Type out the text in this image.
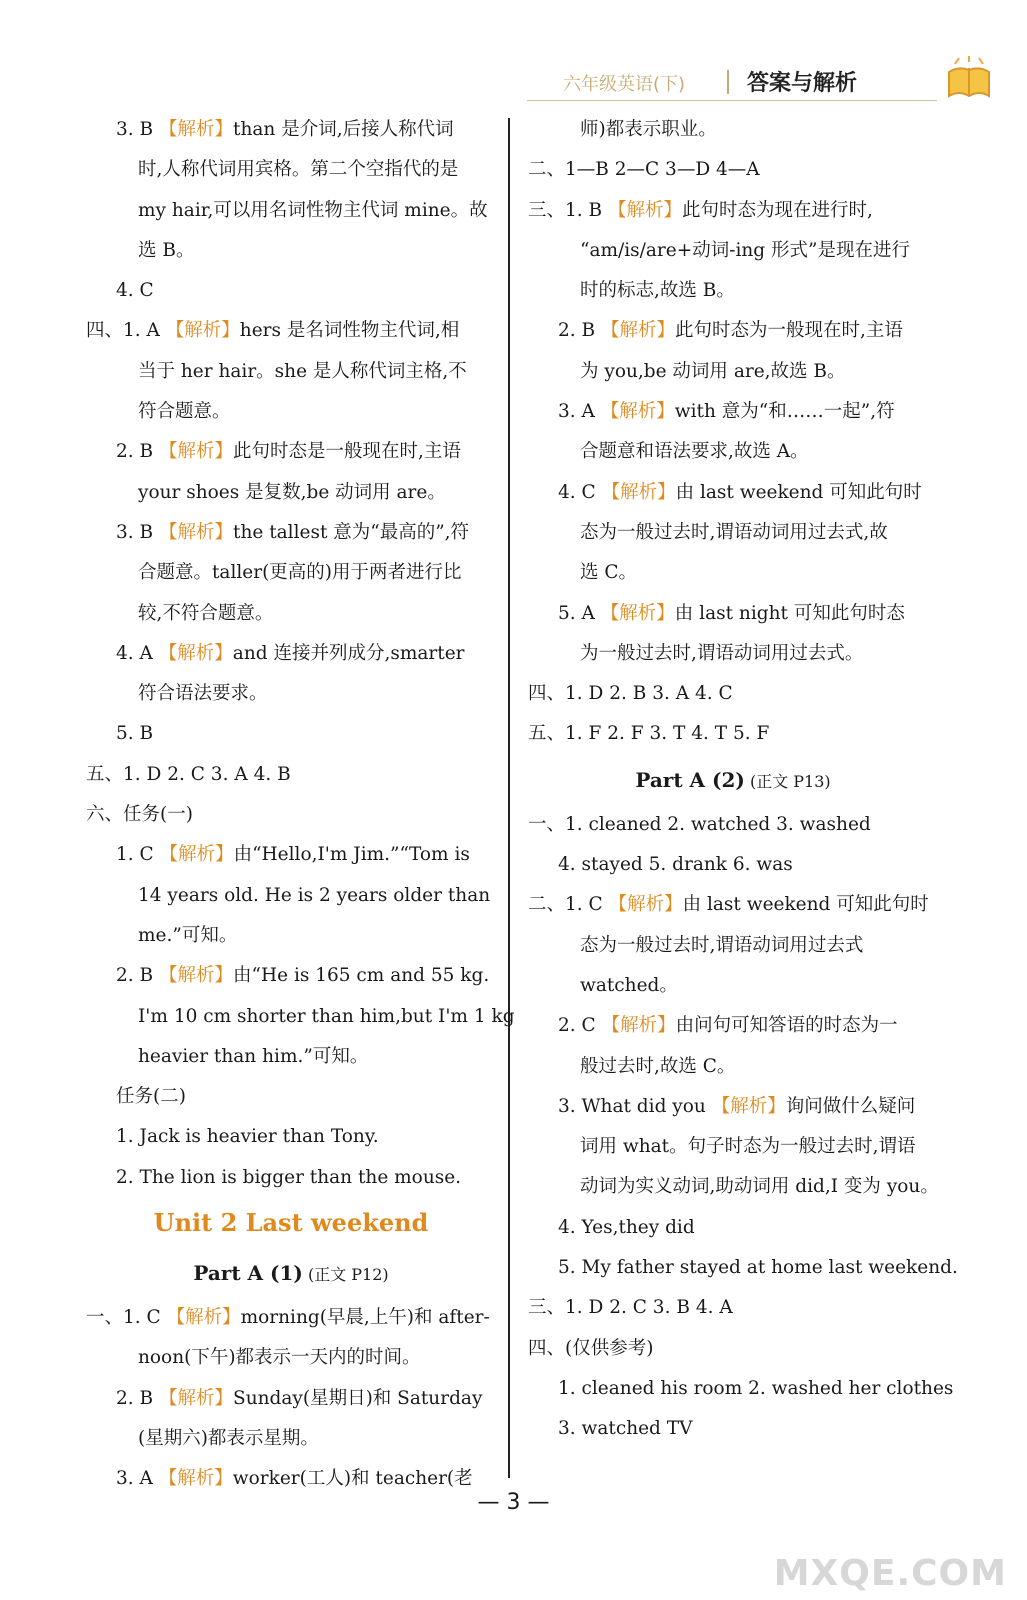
六年级英语(下)	答案与解析
3. B 【解析】than 是介词,后接人称代词
时,人称代词用宾格。第二个空指代的是
my hair,可以用名词性物主代词 mine。故
选 B。
4. C
四、1. A 【解析】hers 是名词性物主代词,相
当于 her hair。she 是人称代词主格,不
符合题意。
2. B 【解析】此句时态是一般现在时,主语
your shoes 是复数,be 动词用 are。
3. B 【解析】the tallest 意为“最高的”,符
合题意。taller(更高的)用于两者进行比
较,不符合题意。
4. A 【解析】and 连接并列成分,smarter
符合语法要求。
5. B
五、1. D 2. C 3. A 4. B
六、任务(一)
1. C 【解析】由“Hello,I'm Jim.”“Tom is
14 years old. He is 2 years older than
me.”可知。
2. B 【解析】由“He is 165 cm and 55 kg.
I'm 10 cm shorter than him,but I'm 1 kg
heavier than him.”可知。
任务(二)
1. Jack is heavier than Tony.
2. The lion is bigger than the mouse.
Unit 2 Last weekend
Part A (1) (正文 P12)
一、1. C 【解析】morning(早晨,上午)和 after-
noon(下午)都表示一天内的时间。
2. B 【解析】Sunday(星期日)和 Saturday
(星期六)都表示星期。
3. A 【解析】worker(工人)和 teacher(老
师)都表示职业。
二、1—B 2—C 3—D 4—A
三、1. B 【解析】此句时态为现在进行时,
“am/is/are+动词-ing 形式”是现在进行
时的标志,故选 B。
2. B 【解析】此句时态为一般现在时,主语
为 you,be 动词用 are,故选 B。
3. A 【解析】with 意为“和……一起”,符
合题意和语法要求,故选 A。
4. C 【解析】由 last weekend 可知此句时
态为一般过去时,谓语动词用过去式,故
选 C。
5. A 【解析】由 last night 可知此句时态
为一般过去时,谓语动词用过去式。
四、1. D 2. B 3. A 4. C
五、1. F 2. F 3. T 4. T 5. F
Part A (2) (正文 P13)
一、1. cleaned 2. watched 3. washed
4. stayed 5. drank 6. was
二、1. C 【解析】由 last weekend 可知此句时
态为一般过去时,谓语动词用过去式
watched。
2. C 【解析】由问句可知答语的时态为一
般过去时,故选 C。
3. What did you 【解析】询问做什么疑问
词用 what。句子时态为一般过去时,谓语
动词为实义动词,助动词用 did,I 变为 you。
4. Yes,they did
5. My father stayed at home last weekend.
三、1. D 2. C 3. B 4. A
四、(仅供参考)
1. cleaned his room 2. washed her clothes
3. watched TV
— 3 —
MXQE.COM
